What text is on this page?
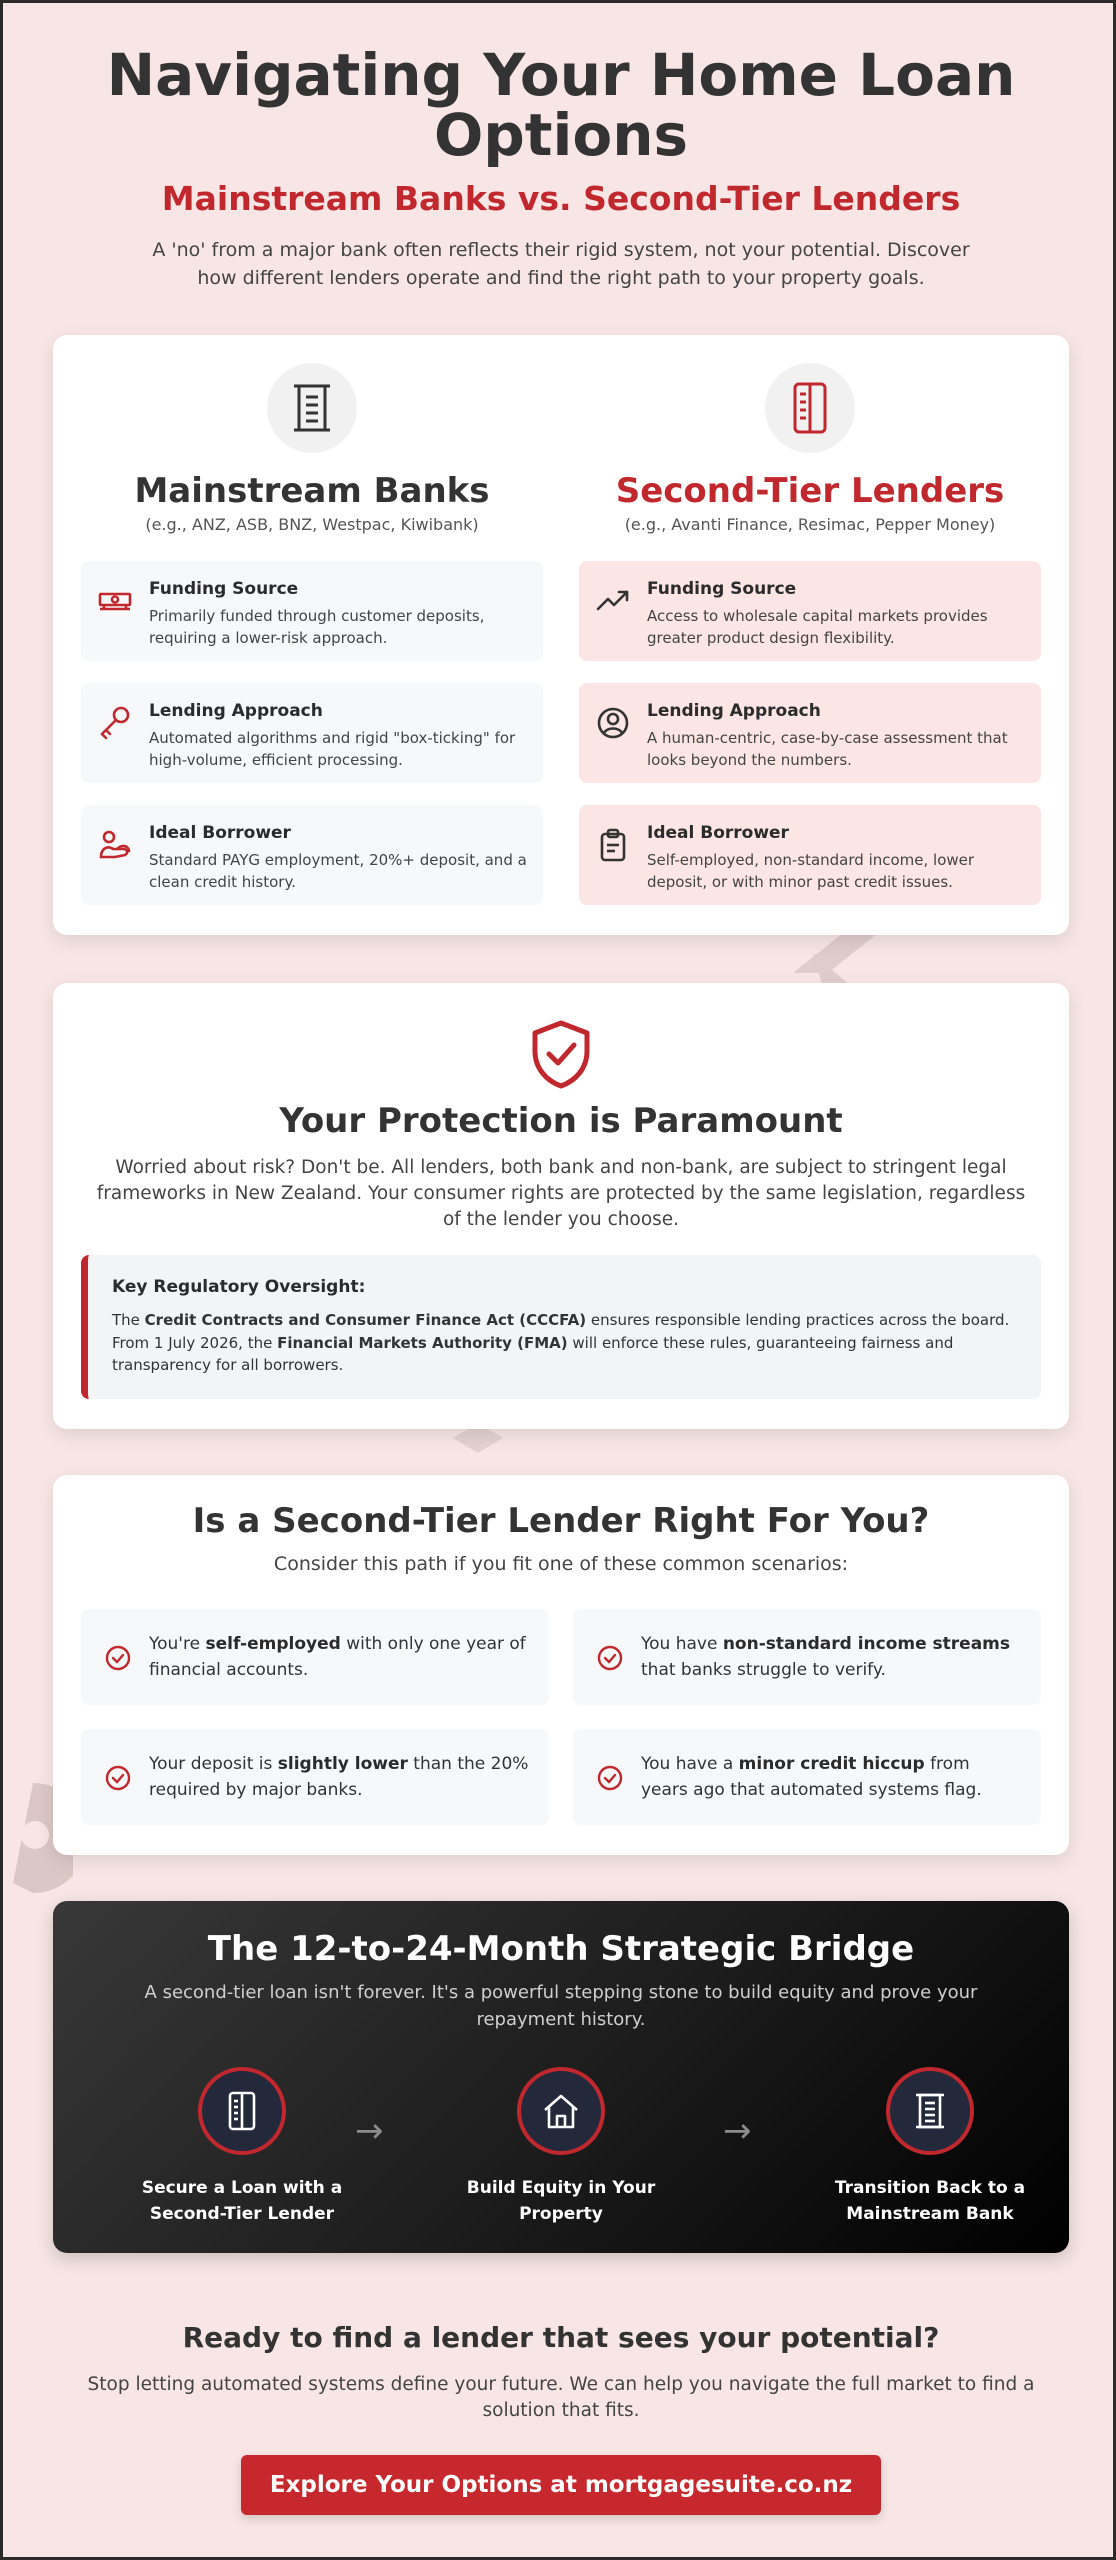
Navigating Your Home Loan
Options
Mainstream Banks vs. Second-Tier Lenders

A 'no' from a major bank often reflects their rigid system, not your potential. Discover how different lenders operate and find the right path to your property goals.

Mainstream Banks
(e.g., ANZ, ASB, BNZ, Westpac, Kiwibank)
Funding Source
Primarily funded through customer deposits, requiring a lower-risk approach.
Lending Approach
Automated algorithms and rigid "box-ticking" for high-volume, efficient processing.
Ideal Borrower
Standard PAYG employment, 20%+ deposit, and a clean credit history.
Second-Tier Lenders
(e.g., Avanti Finance, Resimac, Pepper Money)
Funding Source
Access to wholesale capital markets provides greater product design flexibility.
Lending Approach
A human-centric, case-by-case assessment that looks beyond the numbers.
Ideal Borrower
Self-employed, non-standard income, lower deposit, or with minor past credit issues.
Your Protection is Paramount

Worried about risk? Don't be. All lenders, both bank and non-bank, are subject to stringent legal frameworks in New Zealand. Your consumer rights are protected by the same legislation, regardless of the lender you choose.

Key Regulatory Oversight:
The Credit Contracts and Consumer Finance Act (CCCFA) ensures responsible lending practices across the board. From 1 July 2026, the Financial Markets Authority (FMA) will enforce these rules, guaranteeing fairness and transparency for all borrowers.
Is a Second-Tier Lender Right For You?
Consider this path if you fit one of these common scenarios:
You're self-employed with only one year of financial accounts.
You have non-standard income streams that banks struggle to verify.
Your deposit is slightly lower than the 20% required by major banks.
You have a minor credit hiccup from years ago that automated systems flag.
The 12-to-24-Month Strategic Bridge

A second-tier loan isn't forever. It's a powerful stepping stone to build equity and prove your repayment history.

Secure a Loan with a Second-Tier Lender
→
Build Equity in Your Property
→
Transition Back to a Mainstream Bank
Ready to find a lender that sees your potential?

Stop letting automated systems define your future. We can help you navigate the full market to find a solution that fits.

Explore Your Options at mortgagesuite.co.nz
